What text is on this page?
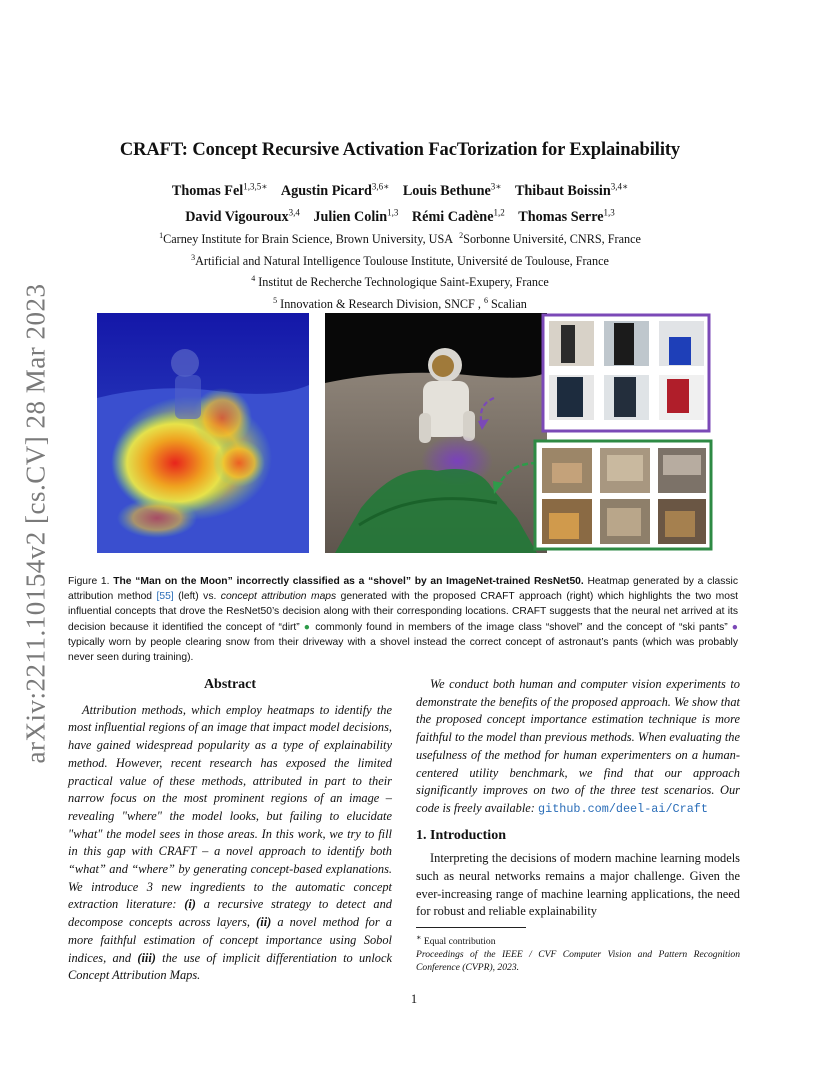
arXiv:2211.10154v2 [cs.CV] 28 Mar 2023
CRAFT: Concept Recursive Activation FacTorization for Explainability
Thomas Fel$^{1,3,5∗}$ Agustin Picard$^{3,6∗}$ Louis Bethune$^{3∗}$ Thibaut Boissin$^{3,4∗}$
David Vigouroux$^{3,4}$ Julien Colin$^{1,3}$ Rémi Cadène$^{1,2}$ Thomas Serre$^{1,3}$
$^1$Carney Institute for Brain Science, Brown University, USA $^2$Sorbonne Université, CNRS, France
$^3$Artificial and Natural Intelligence Toulouse Institute, Université de Toulouse, France
$^4$ Institut de Recherche Technologique Saint-Exupery, France
$^5$ Innovation & Research Division, SNCF , $^6$ Scalian
Figure 1. The “Man on the Moon” incorrectly classified as a “shovel” by an ImageNet-trained ResNet50. Heatmap generated by a classic attribution method [55] (left) vs. concept attribution maps generated with the proposed CRAFT approach (right) which highlights the two most influential concepts that drove the ResNet50’s decision along with their corresponding locations. CRAFT suggests that the neural net arrived at its decision because it identified the concept of “dirt” ● commonly found in members of the image class “shovel” and the concept of “ski pants” ● typically worn by people clearing snow from their driveway with a shovel instead the correct concept of astronaut’s pants (which was probably never seen during training).
Abstract

Attribution methods, which employ heatmaps to identify the most influential regions of an image that impact model decisions, have gained widespread popularity as a type of explainability method. However, recent research has exposed the limited practical value of these methods, attributed in part to their narrow focus on the most prominent regions of an image – revealing "where" the model looks, but failing to elucidate "what" the model sees in those areas. In this work, we try to fill in this gap with CRAFT – a novel approach to identify both “what” and “where” by generating concept-based explanations. We introduce 3 new ingredients to the automatic concept extraction literature: (i) a recursive strategy to detect and decompose concepts across layers, (ii) a novel method for a more faithful estimation of concept importance using Sobol indices, and (iii) the use of implicit differentiation to unlock Concept Attribution Maps.

We conduct both human and computer vision experiments to demonstrate the benefits of the proposed approach. We show that the proposed concept importance estimation technique is more faithful to the model than previous methods. When evaluating the usefulness of the method for human experimenters on a human-centered utility benchmark, we find that our approach significantly improves on two of the three test scenarios. Our code is freely available: github.com/deel-ai/Craft

1. Introduction

Interpreting the decisions of modern machine learning models such as neural networks remains a major challenge. Given the ever-increasing range of machine learning applications, the need for robust and reliable explainability

∗ Equal contribution
Proceedings of the IEEE / CVF Computer Vision and Pattern Recognition Conference (CVPR), 2023.
1
